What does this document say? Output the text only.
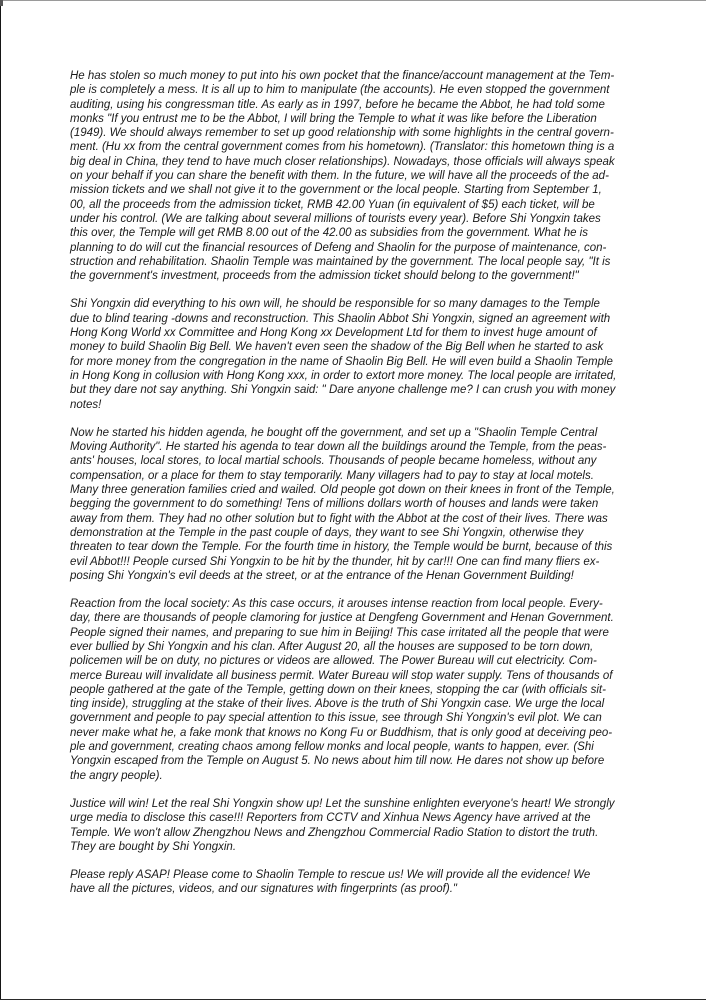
He has stolen so much money to put into his own pocket that the finance/account management at the Tem-
ple is completely a mess. It is all up to him to manipulate (the accounts). He even stopped the government
auditing, using his congressman title. As early as in 1997, before he became the Abbot, he had told some
monks "If you entrust me to be the Abbot, I will bring the Temple to what it was like before the Liberation
(1949). We should always remember to set up good relationship with some highlights in the central govern-
ment. (Hu xx from the central government comes from his hometown). (Translator: this hometown thing is a
big deal in China, they tend to have much closer relationships). Nowadays, those officials will always speak
on your behalf if you can share the benefit with them. In the future, we will have all the proceeds of the ad-
mission tickets and we shall not give it to the government or the local people. Starting from September 1,
00, all the proceeds from the admission ticket, RMB 42.00 Yuan (in equivalent of $5) each ticket, will be
under his control. (We are talking about several millions of tourists every year). Before Shi Yongxin takes
this over, the Temple will get RMB 8.00 out of the 42.00 as subsidies from the government. What he is
planning to do will cut the financial resources of Defeng and Shaolin for the purpose of maintenance, con-
struction and rehabilitation. Shaolin Temple was maintained by the government. The local people say, "It is
the government's investment, proceeds from the admission ticket should belong to the government!"
Shi Yongxin did everything to his own will, he should be responsible for so many damages to the Temple
due to blind tearing -downs and reconstruction. This Shaolin Abbot Shi Yongxin, signed an agreement with
Hong Kong World xx Committee and Hong Kong xx Development Ltd for them to invest huge amount of
money to build Shaolin Big Bell. We haven't even seen the shadow of the Big Bell when he started to ask
for more money from the congregation in the name of Shaolin Big Bell. He will even build a Shaolin Temple
in Hong Kong in collusion with Hong Kong xxx, in order to extort more money. The local people are irritated,
but they dare not say anything. Shi Yongxin said: " Dare anyone challenge me? I can crush you with money
notes!
Now he started his hidden agenda, he bought off the government, and set up a "Shaolin Temple Central
Moving Authority". He started his agenda to tear down all the buildings around the Temple, from the peas-
ants' houses, local stores, to local martial schools. Thousands of people became homeless, without any
compensation, or a place for them to stay temporarily. Many villagers had to pay to stay at local motels.
Many three generation families cried and wailed. Old people got down on their knees in front of the Temple,
begging the government to do something! Tens of millions dollars worth of houses and lands were taken
away from them. They had no other solution but to fight with the Abbot at the cost of their lives. There was
demonstration at the Temple in the past couple of days, they want to see Shi Yongxin, otherwise they
threaten to tear down the Temple. For the fourth time in history, the Temple would be burnt, because of this
evil Abbot!!! People cursed Shi Yongxin to be hit by the thunder, hit by car!!! One can find many fliers ex-
posing Shi Yongxin's evil deeds at the street, or at the entrance of the Henan Government Building!
Reaction from the local society: As this case occurs, it arouses intense reaction from local people. Every-
day, there are thousands of people clamoring for justice at Dengfeng Government and Henan Government.
People signed their names, and preparing to sue him in Beijing! This case irritated all the people that were
ever bullied by Shi Yongxin and his clan. After August 20, all the houses are supposed to be torn down,
policemen will be on duty, no pictures or videos are allowed. The Power Bureau will cut electricity. Com-
merce Bureau will invalidate all business permit. Water Bureau will stop water supply. Tens of thousands of
people gathered at the gate of the Temple, getting down on their knees, stopping the car (with officials sit-
ting inside), struggling at the stake of their lives. Above is the truth of Shi Yongxin case. We urge the local
government and people to pay special attention to this issue, see through Shi Yongxin's evil plot. We can
never make what he, a fake monk that knows no Kong Fu or Buddhism, that is only good at deceiving peo-
ple and government, creating chaos among fellow monks and local people, wants to happen, ever. (Shi
Yongxin escaped from the Temple on August 5. No news about him till now. He dares not show up before
the angry people).
Justice will win! Let the real Shi Yongxin show up! Let the sunshine enlighten everyone's heart! We strongly
urge media to disclose this case!!! Reporters from CCTV and Xinhua News Agency have arrived at the
Temple. We won't allow Zhengzhou News and Zhengzhou Commercial Radio Station to distort the truth.
They are bought by Shi Yongxin.
Please reply ASAP! Please come to Shaolin Temple to rescue us! We will provide all the evidence! We
have all the pictures, videos, and our signatures with fingerprints (as proof)."
